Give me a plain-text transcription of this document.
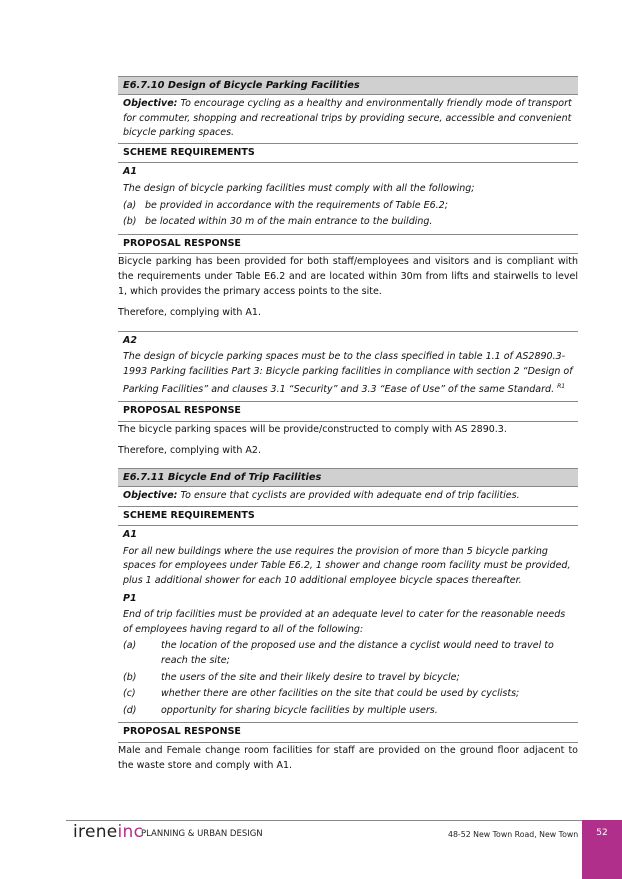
E6.7.10 Design of Bicycle Parking Facilities
Objective: To encourage cycling as a healthy and environmentally friendly mode of transport for commuter, shopping and recreational trips by providing secure, accessible and convenient bicycle parking spaces.
SCHEME REQUIREMENTS
A1
The design of bicycle parking facilities must comply with all the following;
(a) be provided in accordance with the requirements of Table E6.2;
(b) be located within 30 m of the main entrance to the building.
PROPOSAL RESPONSE
Bicycle parking has been provided for both staff/employees and visitors and is compliant with the requirements under Table E6.2 and are located within 30m from lifts and stairwells to level 1, which provides the primary access points to the site.
Therefore, complying with A1.
A2
The design of bicycle parking spaces must be to the class specified in table 1.1 of AS2890.3-1993 Parking facilities Part 3: Bicycle parking facilities in compliance with section 2 “Design of Parking Facilities” and clauses 3.1 “Security” and 3.3 “Ease of Use” of the same Standard. $^{R1}$
PROPOSAL RESPONSE
The bicycle parking spaces will be provide/constructed to comply with AS 2890.3.
Therefore, complying with A2.
E6.7.11 Bicycle End of Trip Facilities
Objective: To ensure that cyclists are provided with adequate end of trip facilities.
SCHEME REQUIREMENTS
A1
For all new buildings where the use requires the provision of more than 5 bicycle parking spaces for employees under Table E6.2, 1 shower and change room facility must be provided, plus 1 additional shower for each 10 additional employee bicycle spaces thereafter.
P1
End of trip facilities must be provided at an adequate level to cater for the reasonable needs of employees having regard to all of the following:
(a)	the location of the proposed use and the distance a cyclist would need to travel to reach the site;
(b)	the users of the site and their likely desire to travel by bicycle;
(c)	whether there are other facilities on the site that could be used by cyclists;
(d)	opportunity for sharing bicycle facilities by multiple users.
PROPOSAL RESPONSE
Male and Female change room facilities for staff are provided on the ground floor adjacent to the waste store and comply with A1.
ireneinc
PLANNING & URBAN DESIGN	48-52 New Town Road, New Town	52
